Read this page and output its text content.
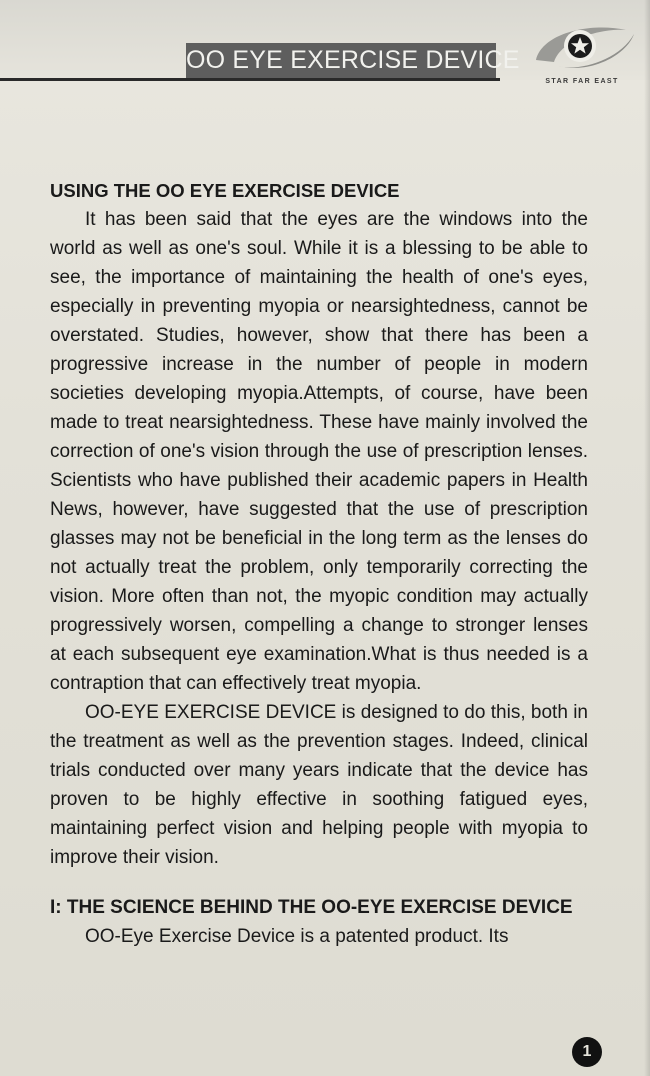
OO EYE EXERCISE DEVICE
STAR FAR EAST

USING THE OO EYE EXERCISE DEVICE

It has been said that the eyes are the windows into the world as well as one's soul. While it is a blessing to be able to see, the importance of maintaining the health of one's eyes, especially in preventing myopia or nearsightedness, cannot be overstated. Studies, however, show that there has been a progressive increase in the number of people in modern societies developing myopia.Attempts, of course, have been made to treat nearsightedness. These have mainly involved the correction of one's vision through the use of prescription lenses. Scientists who have published their academic papers in Health News, however, have suggested that the use of prescription glasses may not be beneficial in the long term as the lenses do not actually treat the problem, only temporarily correcting the vision. More often than not, the myopic condition may actually progressively worsen, compelling a change to stronger lenses at each subsequent eye examination.What is thus needed is a contraption that can effectively treat myopia.

OO-EYE EXERCISE DEVICE is designed to do this, both in the treatment as well as the prevention stages. Indeed, clinical trials conducted over many years indicate that the device has proven to be highly effective in soothing fatigued eyes, maintaining perfect vision and helping people with myopia to improve their vision.

I: THE SCIENCE BEHIND THE OO-EYE EXERCISE DEVICE

OO-Eye Exercise Device is a patented product. Its

1
